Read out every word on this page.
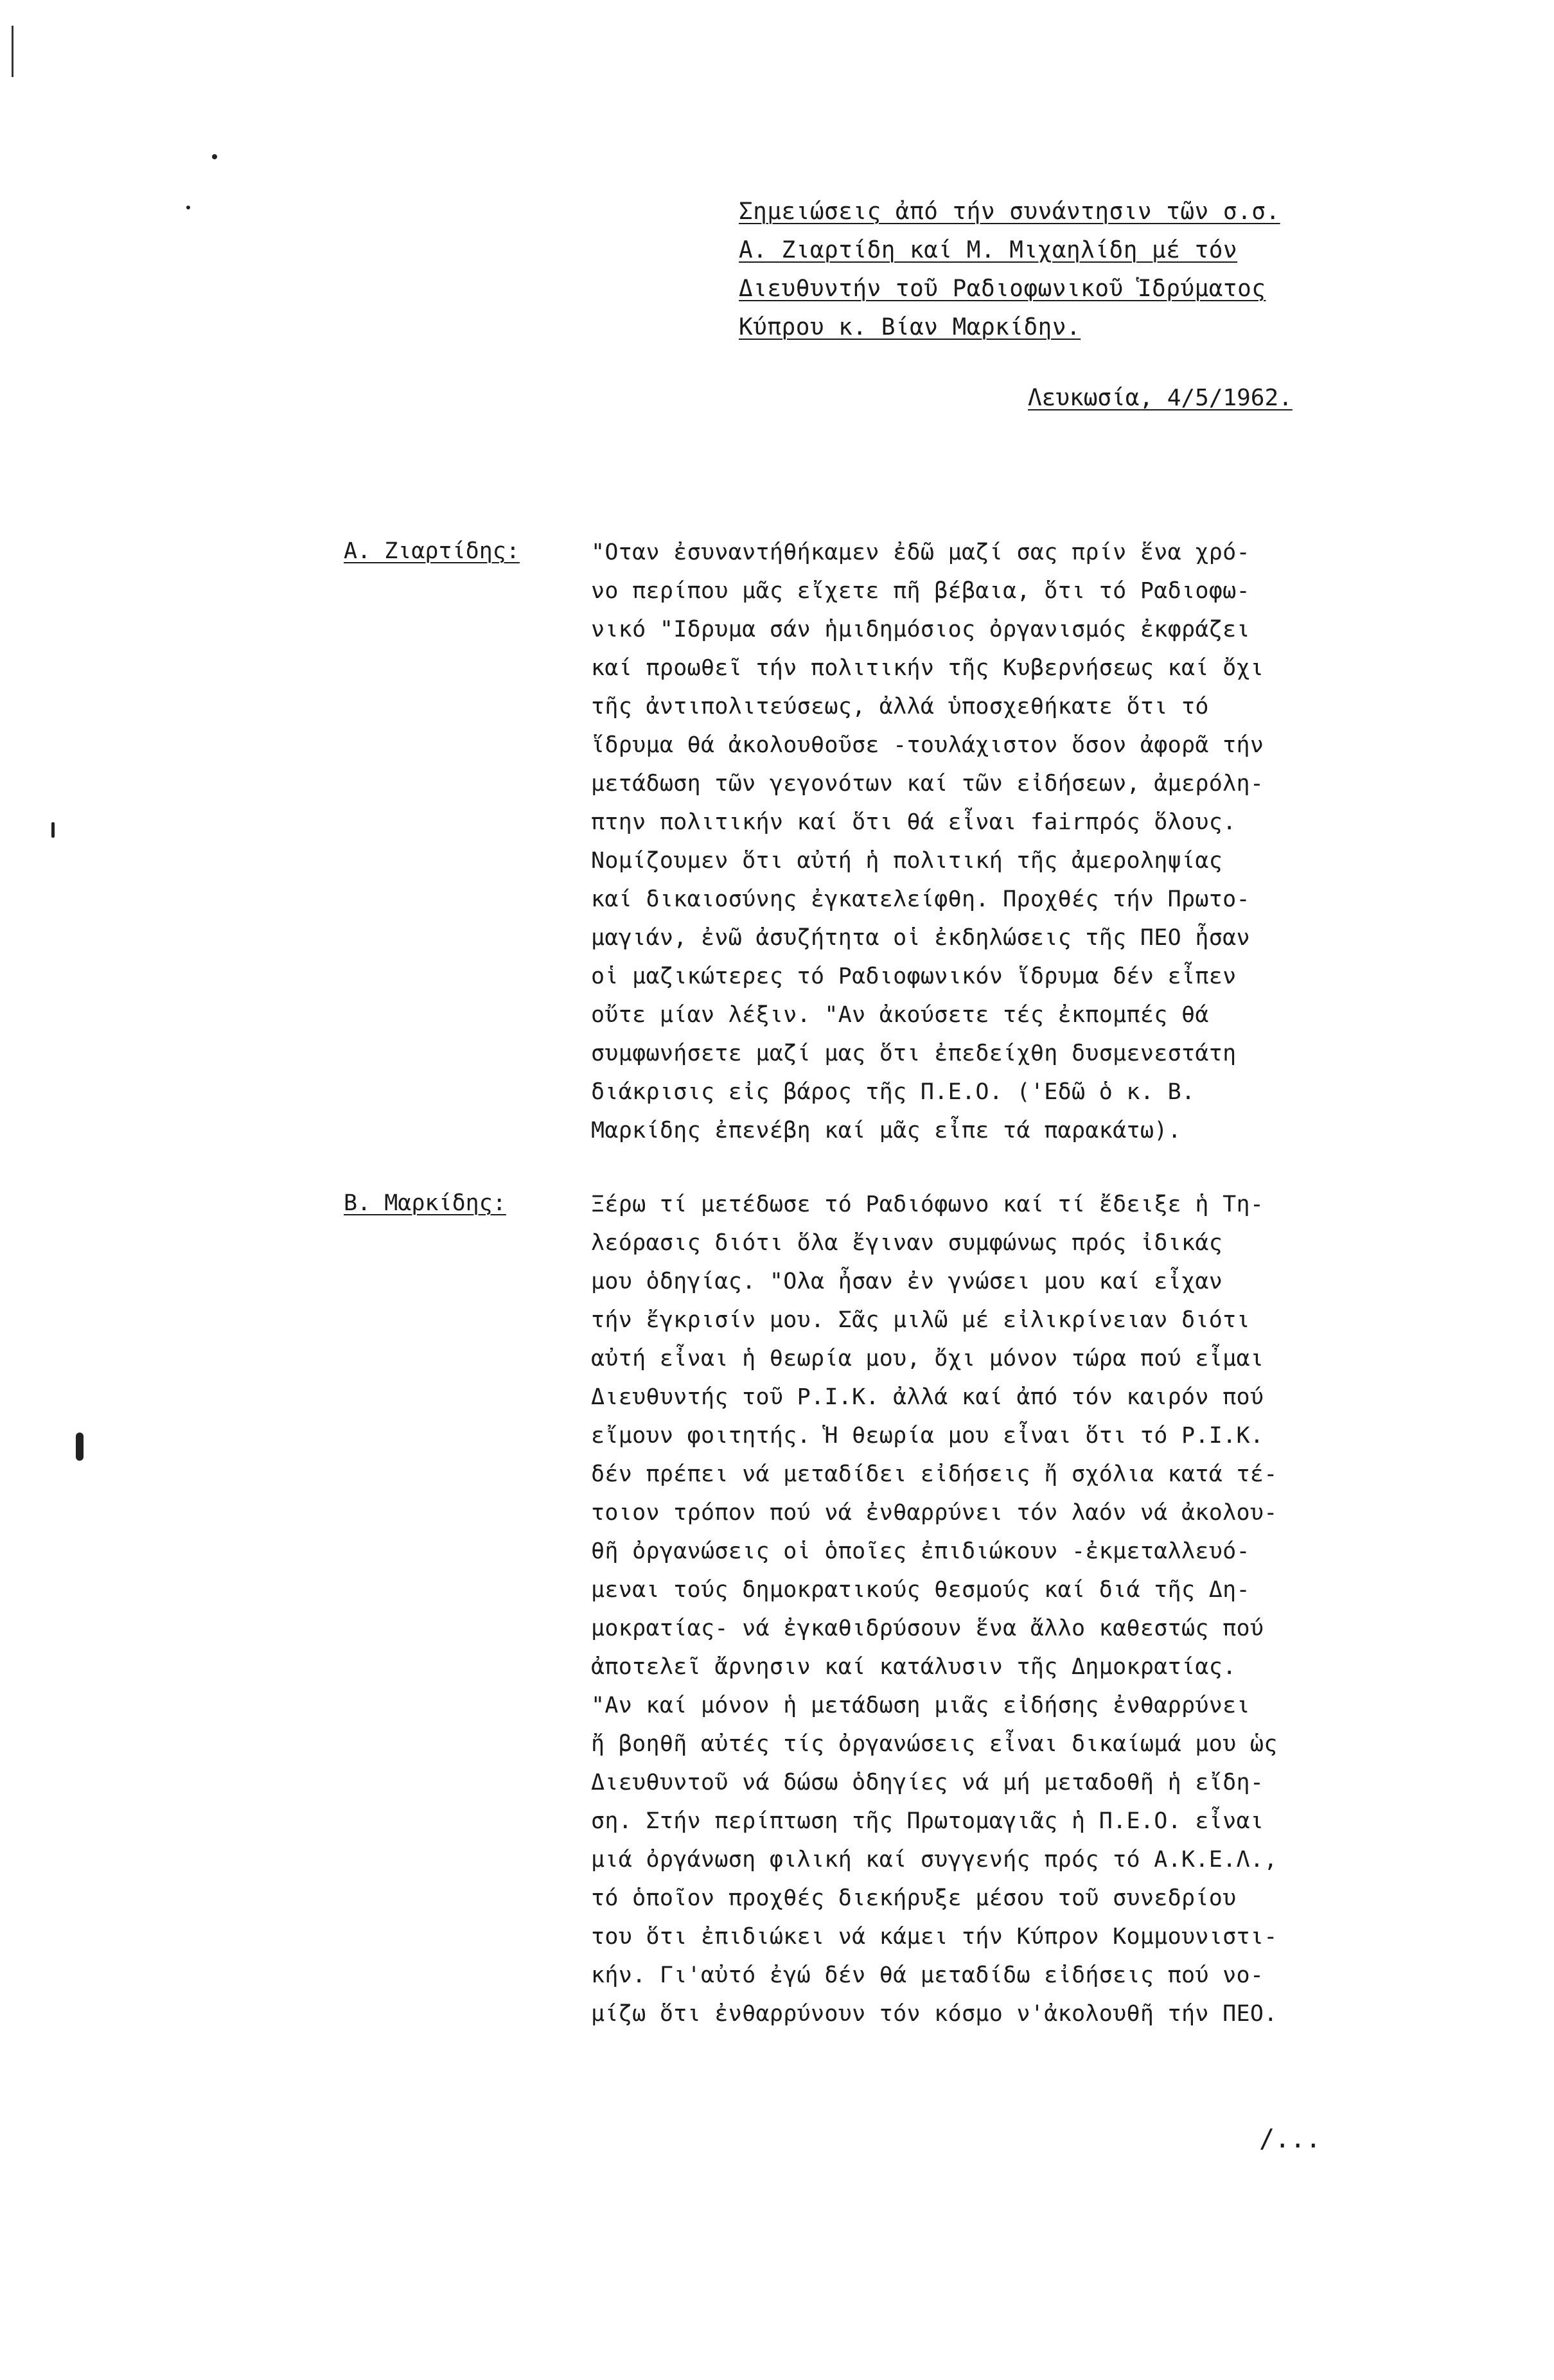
Σημειώσεις ἀπό τήν συνάντησιν τῶν σ.σ.
Α. Ζιαρτίδη καί Μ. Μιχαηλίδη μέ τόν
Διευθυντήν τοῦ Ραδιοφωνικοῦ Ἱδρύματος
Κύπρου κ. Βίαν Μαρκίδην.
Λευκωσία, 4/5/1962.
Α. Ζιαρτίδης:	"Οταν ἐσυναντήθήκαμεν ἐδῶ μαζί σας πρίν ἕνα χρό-
νο περίπου μᾶς εἴχετε πῆ βέβαια, ὅτι τό Ραδιοφω-
νικό "Ιδρυμα σάν ἡμιδημόσιος ὀργανισμός ἐκφράζει
καί προωθεῖ τήν πολιτικήν τῆς Κυβερνήσεως καί ὄχι
τῆς ἀντιπολιτεύσεως, ἀλλά ὑποσχεθήκατε ὅτι τό
ἵδρυμα θά ἀκολουθοῦσε -τουλάχιστον ὅσον ἀφορᾶ τήν
μετάδωση τῶν γεγονότων καί τῶν εἰδήσεων, ἀμερόλη-
πτην πολιτικήν καί ὅτι θά εἶναι fairπρός ὅλους.
Νομίζουμεν ὅτι αὐτή ἡ πολιτική τῆς ἀμεροληψίας
καί δικαιοσύνης ἐγκατελείφθη. Προχθές τήν Πρωτο-
μαγιάν, ἐνῶ ἀσυζήτητα οἱ ἐκδηλώσεις τῆς ΠΕΟ ἦσαν
οἱ μαζικώτερες τό Ραδιοφωνικόν ἵδρυμα δέν εἶπεν
οὔτε μίαν λέξιν. "Αν ἀκούσετε τές ἐκπομπές θά
συμφωνήσετε μαζί μας ὅτι ἐπεδείχθη δυσμενεστάτη
διάκρισις εἰς βάρος τῆς Π.Ε.Ο. ('Εδῶ ὁ κ. Β.
Μαρκίδης ἐπενέβη καί μᾶς εἶπε τά παρακάτω).
Β. Μαρκίδης:	Ξέρω τί μετέδωσε τό Ραδιόφωνο καί τί ἔδειξε ἡ Τη-
λεόρασις διότι ὅλα ἔγιναν συμφώνως πρός ἰδικάς
μου ὁδηγίας. "Ολα ἦσαν ἐν γνώσει μου καί εἶχαν
τήν ἔγκρισίν μου. Σᾶς μιλῶ μέ εἰλικρίνειαν διότι
αὐτή εἶναι ἡ θεωρία μου, ὄχι μόνον τώρα πού εἶμαι
Διευθυντής τοῦ Ρ.Ι.Κ. ἀλλά καί ἀπό τόν καιρόν πού
εἴμουν φοιτητής. Ἡ θεωρία μου εἶναι ὅτι τό Ρ.Ι.Κ.
δέν πρέπει νά μεταδίδει εἰδήσεις ἤ σχόλια κατά τέ-
τοιον τρόπον πού νά ἐνθαρρύνει τόν λαόν νά ἀκολου-
θῆ ὀργανώσεις οἱ ὁποῖες ἐπιδιώκουν -ἐκμεταλλευό-
μεναι τούς δημοκρατικούς θεσμούς καί διά τῆς Δη-
μοκρατίας- νά ἐγκαθιδρύσουν ἕνα ἄλλο καθεστώς πού
ἀποτελεῖ ἄρνησιν καί κατάλυσιν τῆς Δημοκρατίας.
"Αν καί μόνον ἡ μετάδωση μιᾶς εἰδήσης ἐνθαρρύνει
ἤ βοηθῆ αὐτές τίς ὀργανώσεις εἶναι δικαίωμά μου ὡς
Διευθυντοῦ νά δώσω ὁδηγίες νά μή μεταδοθῆ ἡ εἴδη-
ση. Στήν περίπτωση τῆς Πρωτομαγιᾶς ἡ Π.Ε.Ο. εἶναι
μιά ὀργάνωση φιλική καί συγγενής πρός τό Α.Κ.Ε.Λ.,
τό ὁποῖον προχθές διεκήρυξε μέσου τοῦ συνεδρίου
του ὅτι ἐπιδιώκει νά κάμει τήν Κύπρον Κομμουνιστι-
κήν. Γι'αὐτό ἐγώ δέν θά μεταδίδω εἰδήσεις πού νο-
μίζω ὅτι ἐνθαρρύνουν τόν κόσμο ν'ἀκολουθῆ τήν ΠΕΟ.
/...
